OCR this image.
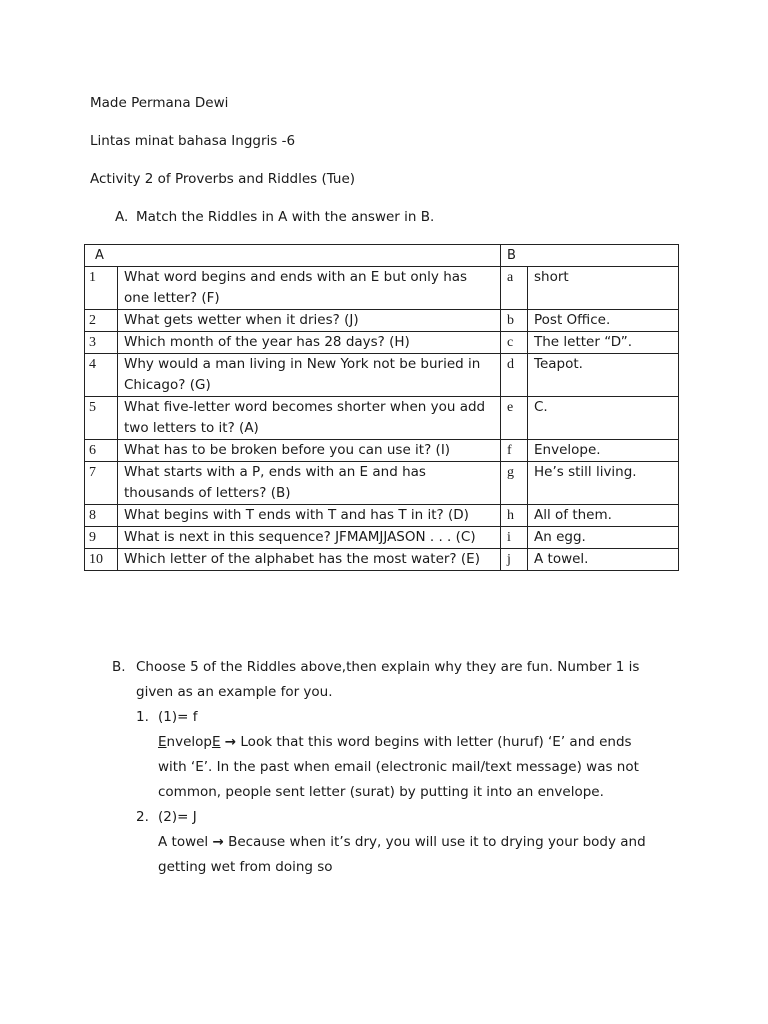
Made Permana Dewi
Lintas minat bahasa Inggris -6
Activity 2 of Proverbs and Riddles (Tue)
A. Match the Riddles in A with the answer in B.
A		B	
1	What word begins and ends with an E but only has one letter? (F)	a	short
2	What gets wetter when it dries? (J)	b	Post Office.
3	Which month of the year has 28 days? (H)	c	The letter “D”.
4	Why would a man living in New York not be buried in Chicago? (G)	d	Teapot.
5	What five-letter word becomes shorter when you add two letters to it? (A)	e	C.
6	What has to be broken before you can use it? (I)	f	Envelope.
7	What starts with a P, ends with an E and has thousands of letters? (B)	g	He’s still living.
8	What begins with T ends with T and has T in it? (D)	h	All of them.
9	What is next in this sequence? JFMAMJJASON . . . (C)	i	An egg.
10	Which letter of the alphabet has the most water? (E)	j	A towel.
B. Choose 5 of the Riddles above,then explain why they are fun. Number 1 is
given as an example for you.
1. (1)= f
EnvelopE → Look that this word begins with letter (huruf) ‘E’ and ends
with ‘E’. In the past when email (electronic mail/text message) was not
common, people sent letter (surat) by putting it into an envelope.
2. (2)= J
A towel → Because when it’s dry, you will use it to drying your body and
getting wet from doing so
